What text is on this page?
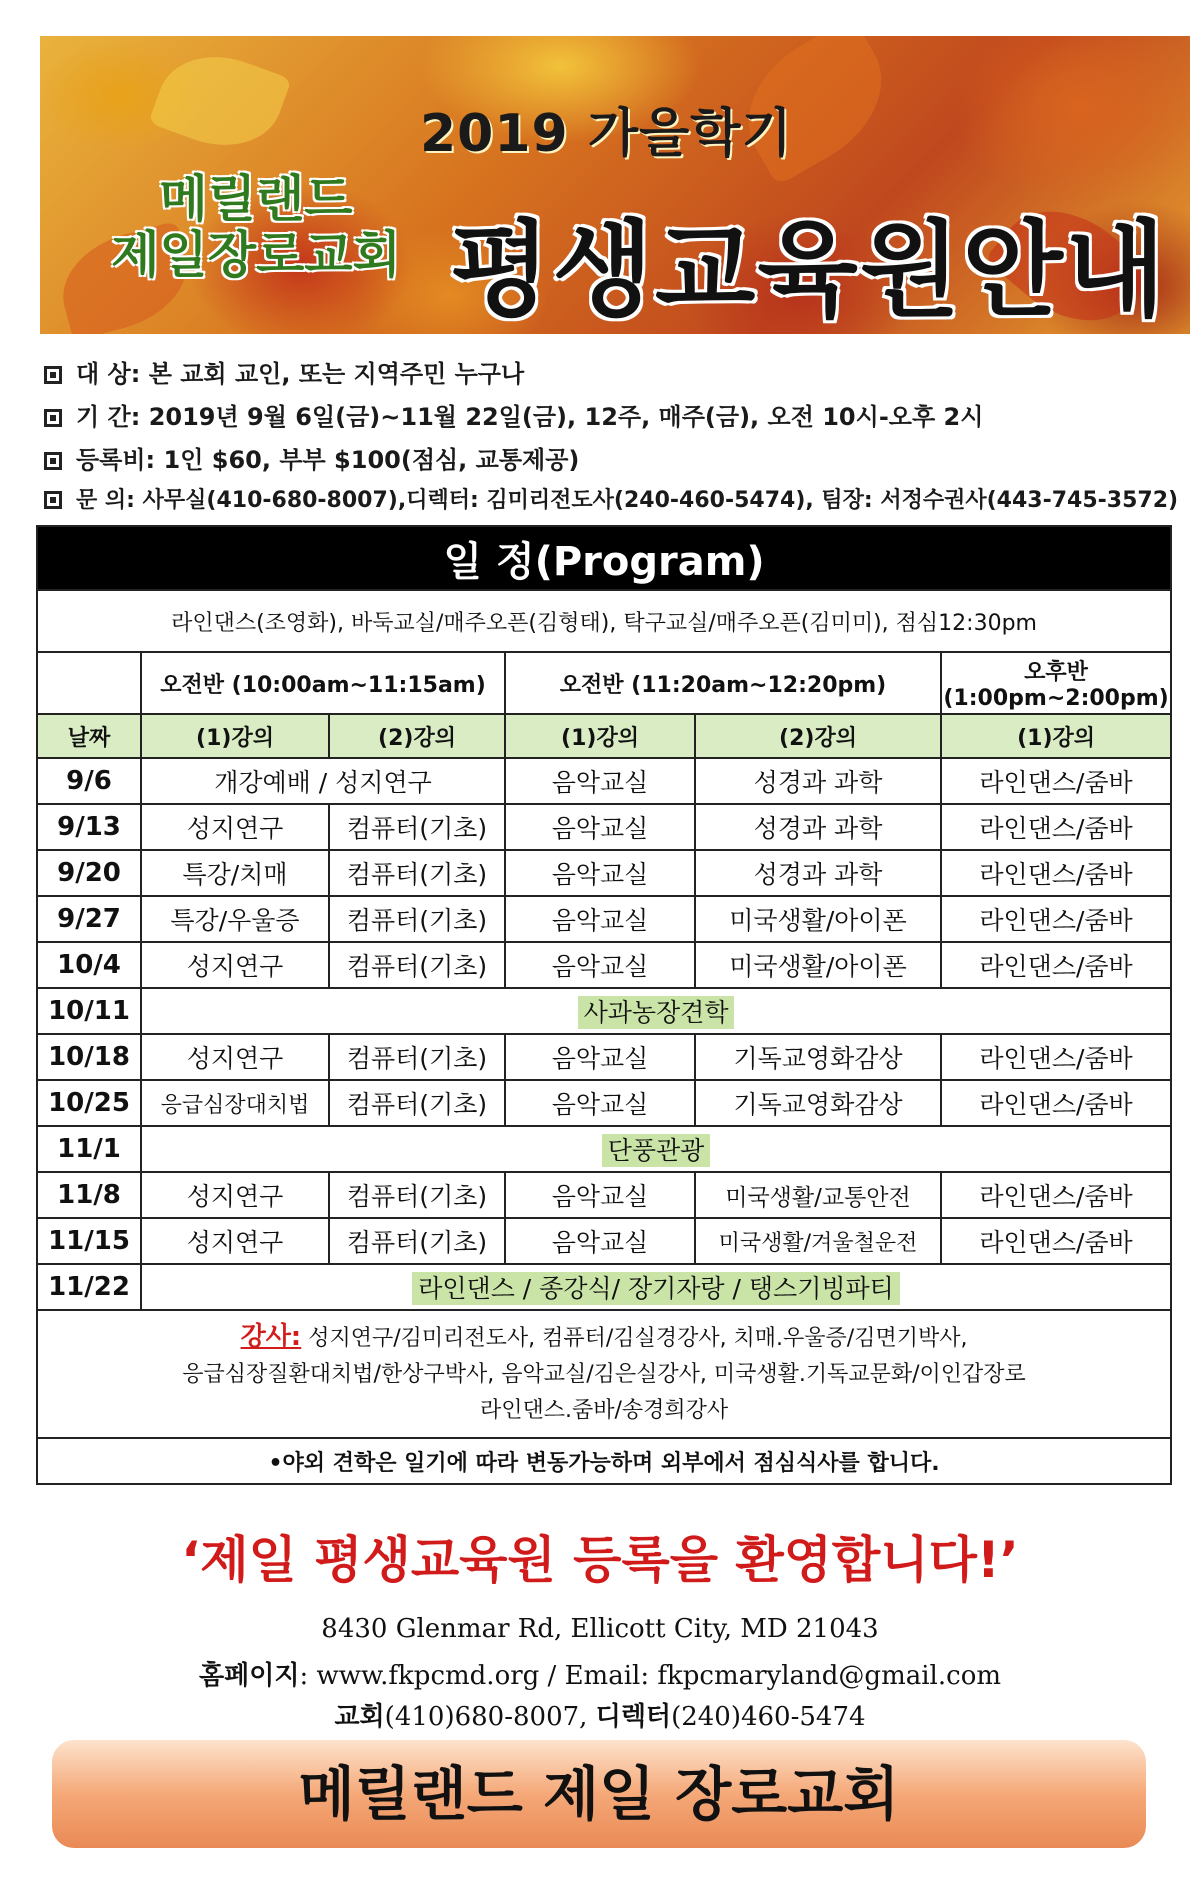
2019 가을학기
메릴랜드
제일장로교회 평생교육원안내
대 상: 본 교회 교인, 또는 지역주민 누구나
기 간: 2019년 9월 6일(금)~11월 22일(금), 12주, 매주(금), 오전 10시-오후 2시
등록비: 1인 $60, 부부 $100(점심, 교통제공)
문 의: 사무실(410-680-8007),디렉터: 김미리전도사(240-460-5474), 팀장: 서정수권사(443-745-3572)
일 정(Program)					
라인댄스(조영화), 바둑교실/매주오픈(김형태), 탁구교실/매주오픈(김미미), 점심12:30pm					
	오전반 (10:00am~11:15am)		오전반 (11:20am~12:20pm)		오후반 (1:00pm~2:00pm)
날짜	(1)강의	(2)강의	(1)강의	(2)강의	(1)강의
9/6	개강예배 / 성지연구		음악교실	성경과 과학	라인댄스/줌바
9/13	성지연구	컴퓨터(기초)	음악교실	성경과 과학	라인댄스/줌바
9/20	특강/치매	컴퓨터(기초)	음악교실	성경과 과학	라인댄스/줌바
9/27	특강/우울증	컴퓨터(기초)	음악교실	미국생활/아이폰	라인댄스/줌바
10/4	성지연구	컴퓨터(기초)	음악교실	미국생활/아이폰	라인댄스/줌바
10/11	사과농장견학				
10/18	성지연구	컴퓨터(기초)	음악교실	기독교영화감상	라인댄스/줌바
10/25	응급심장대치법	컴퓨터(기초)	음악교실	기독교영화감상	라인댄스/줌바
11/1	단풍관광				
11/8	성지연구	컴퓨터(기초)	음악교실	미국생활/교통안전	라인댄스/줌바
11/15	성지연구	컴퓨터(기초)	음악교실	미국생활/겨울철운전	라인댄스/줌바
11/22	라인댄스 / 종강식/ 장기자랑 / 탱스기빙파티				
강사: 성지연구/김미리전도사, 컴퓨터/김실경강사, 치매.우울증/김면기박사,
응급심장질환대치법/한상구박사, 음악교실/김은실강사, 미국생활.기독교문화/이인갑장로
라인댄스.줌바/송경희강사					
•야외 견학은 일기에 따라 변동가능하며 외부에서 점심식사를 합니다.					
‘제일 평생교육원 등록을 환영합니다!’
8430 Glenmar Rd, Ellicott City, MD 21043
홈페이지: www.fkpcmd.org / Email: fkpcmaryland@gmail.com
교회(410)680-8007, 디렉터(240)460-5474
메릴랜드 제일 장로교회
